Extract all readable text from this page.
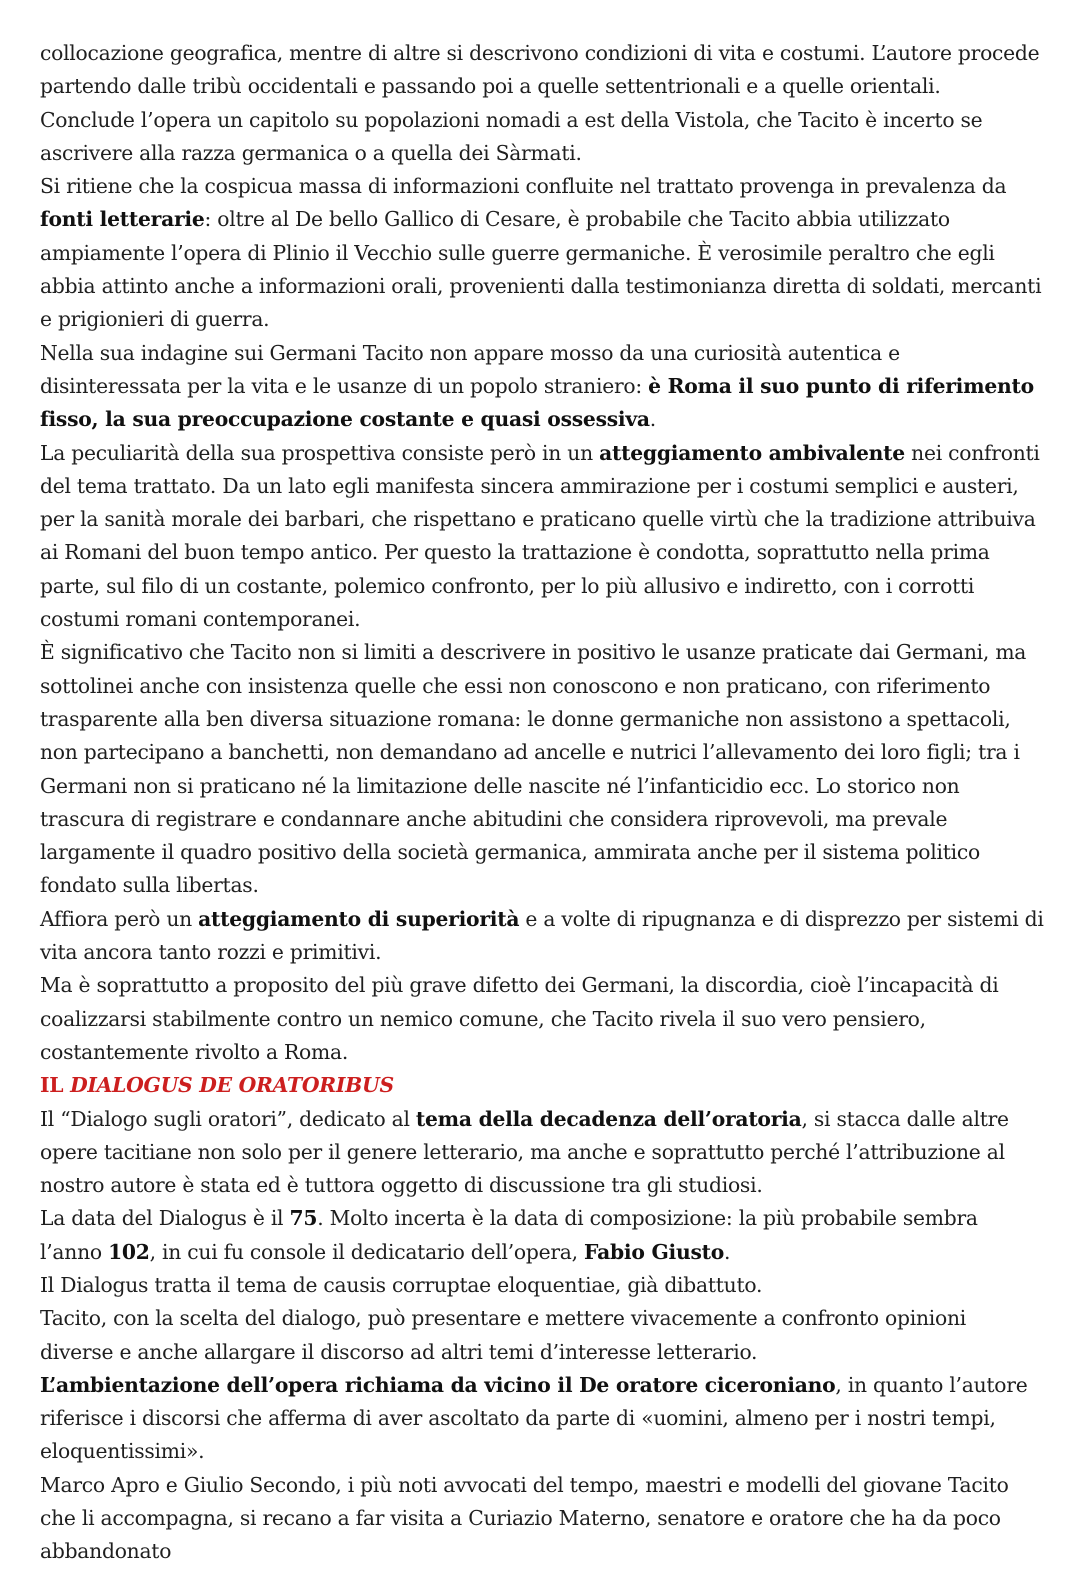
collocazione geografica, mentre di altre si descrivono condizioni di vita e costumi. L’autore procede partendo dalle tribù occidentali e passando poi a quelle settentrionali e a quelle orientali.

Conclude l’opera un capitolo su popolazioni nomadi a est della Vistola, che Tacito è incerto se ascrivere alla razza germanica o a quella dei Sàrmati.

Si ritiene che la cospicua massa di informazioni confluite nel trattato provenga in prevalenza da fonti letterarie: oltre al De bello Gallico di Cesare, è probabile che Tacito abbia utilizzato ampiamente l’opera di Plinio il Vecchio sulle guerre germaniche. È verosimile peraltro che egli abbia attinto anche a informazioni orali, provenienti dalla testimonianza diretta di soldati, mercanti e prigionieri di guerra.

Nella sua indagine sui Germani Tacito non appare mosso da una curiosità autentica e disinteressata per la vita e le usanze di un popolo straniero: è Roma il suo punto di riferimento fisso, la sua preoccupazione costante e quasi ossessiva.

La peculiarità della sua prospettiva consiste però in un atteggiamento ambivalente nei confronti del tema trattato. Da un lato egli manifesta sincera ammirazione per i costumi semplici e austeri, per la sanità morale dei barbari, che rispettano e praticano quelle virtù che la tradizione attribuiva ai Romani del buon tempo antico. Per questo la trattazione è condotta, soprattutto nella prima parte, sul filo di un costante, polemico confronto, per lo più allusivo e indiretto, con i corrotti costumi romani contemporanei.

È significativo che Tacito non si limiti a descrivere in positivo le usanze praticate dai Germani, ma sottolinei anche con insistenza quelle che essi non conoscono e non praticano, con riferimento trasparente alla ben diversa situazione romana: le donne germaniche non assistono a spettacoli, non partecipano a banchetti, non demandano ad ancelle e nutrici l’allevamento dei loro figli; tra i Germani non si praticano né la limitazione delle nascite né l’infanticidio ecc. Lo storico non trascura di registrare e condannare anche abitudini che considera riprovevoli, ma prevale largamente il quadro positivo della società germanica, ammirata anche per il sistema politico fondato sulla libertas.

Affiora però un atteggiamento di superiorità e a volte di ripugnanza e di disprezzo per sistemi di vita ancora tanto rozzi e primitivi.

Ma è soprattutto a proposito del più grave difetto dei Germani, la discordia, cioè l’incapacità di coalizzarsi stabilmente contro un nemico comune, che Tacito rivela il suo vero pensiero, costantemente rivolto a Roma.

IL DIALOGUS DE ORATORIBUS

Il “Dialogo sugli oratori”, dedicato al tema della decadenza dell’oratoria, si stacca dalle altre opere tacitiane non solo per il genere letterario, ma anche e soprattutto perché l’attribuzione al nostro autore è stata ed è tuttora oggetto di discussione tra gli studiosi.

La data del Dialogus è il 75. Molto incerta è la data di composizione: la più probabile sembra l’anno 102, in cui fu console il dedicatario dell’opera, Fabio Giusto.

Il Dialogus tratta il tema de causis corruptae eloquentiae, già dibattuto.

Tacito, con la scelta del dialogo, può presentare e mettere vivacemente a confronto opinioni diverse e anche allargare il discorso ad altri temi d’interesse letterario.

L’ambientazione dell’opera richiama da vicino il De oratore ciceroniano, in quanto l’autore riferisce i discorsi che afferma di aver ascoltato da parte di «uomini, almeno per i nostri tempi, eloquentissimi».

Marco Apro e Giulio Secondo, i più noti avvocati del tempo, maestri e modelli del giovane Tacito che li accompagna, si recano a far visita a Curiazio Materno, senatore e oratore che ha da poco abbandonato
